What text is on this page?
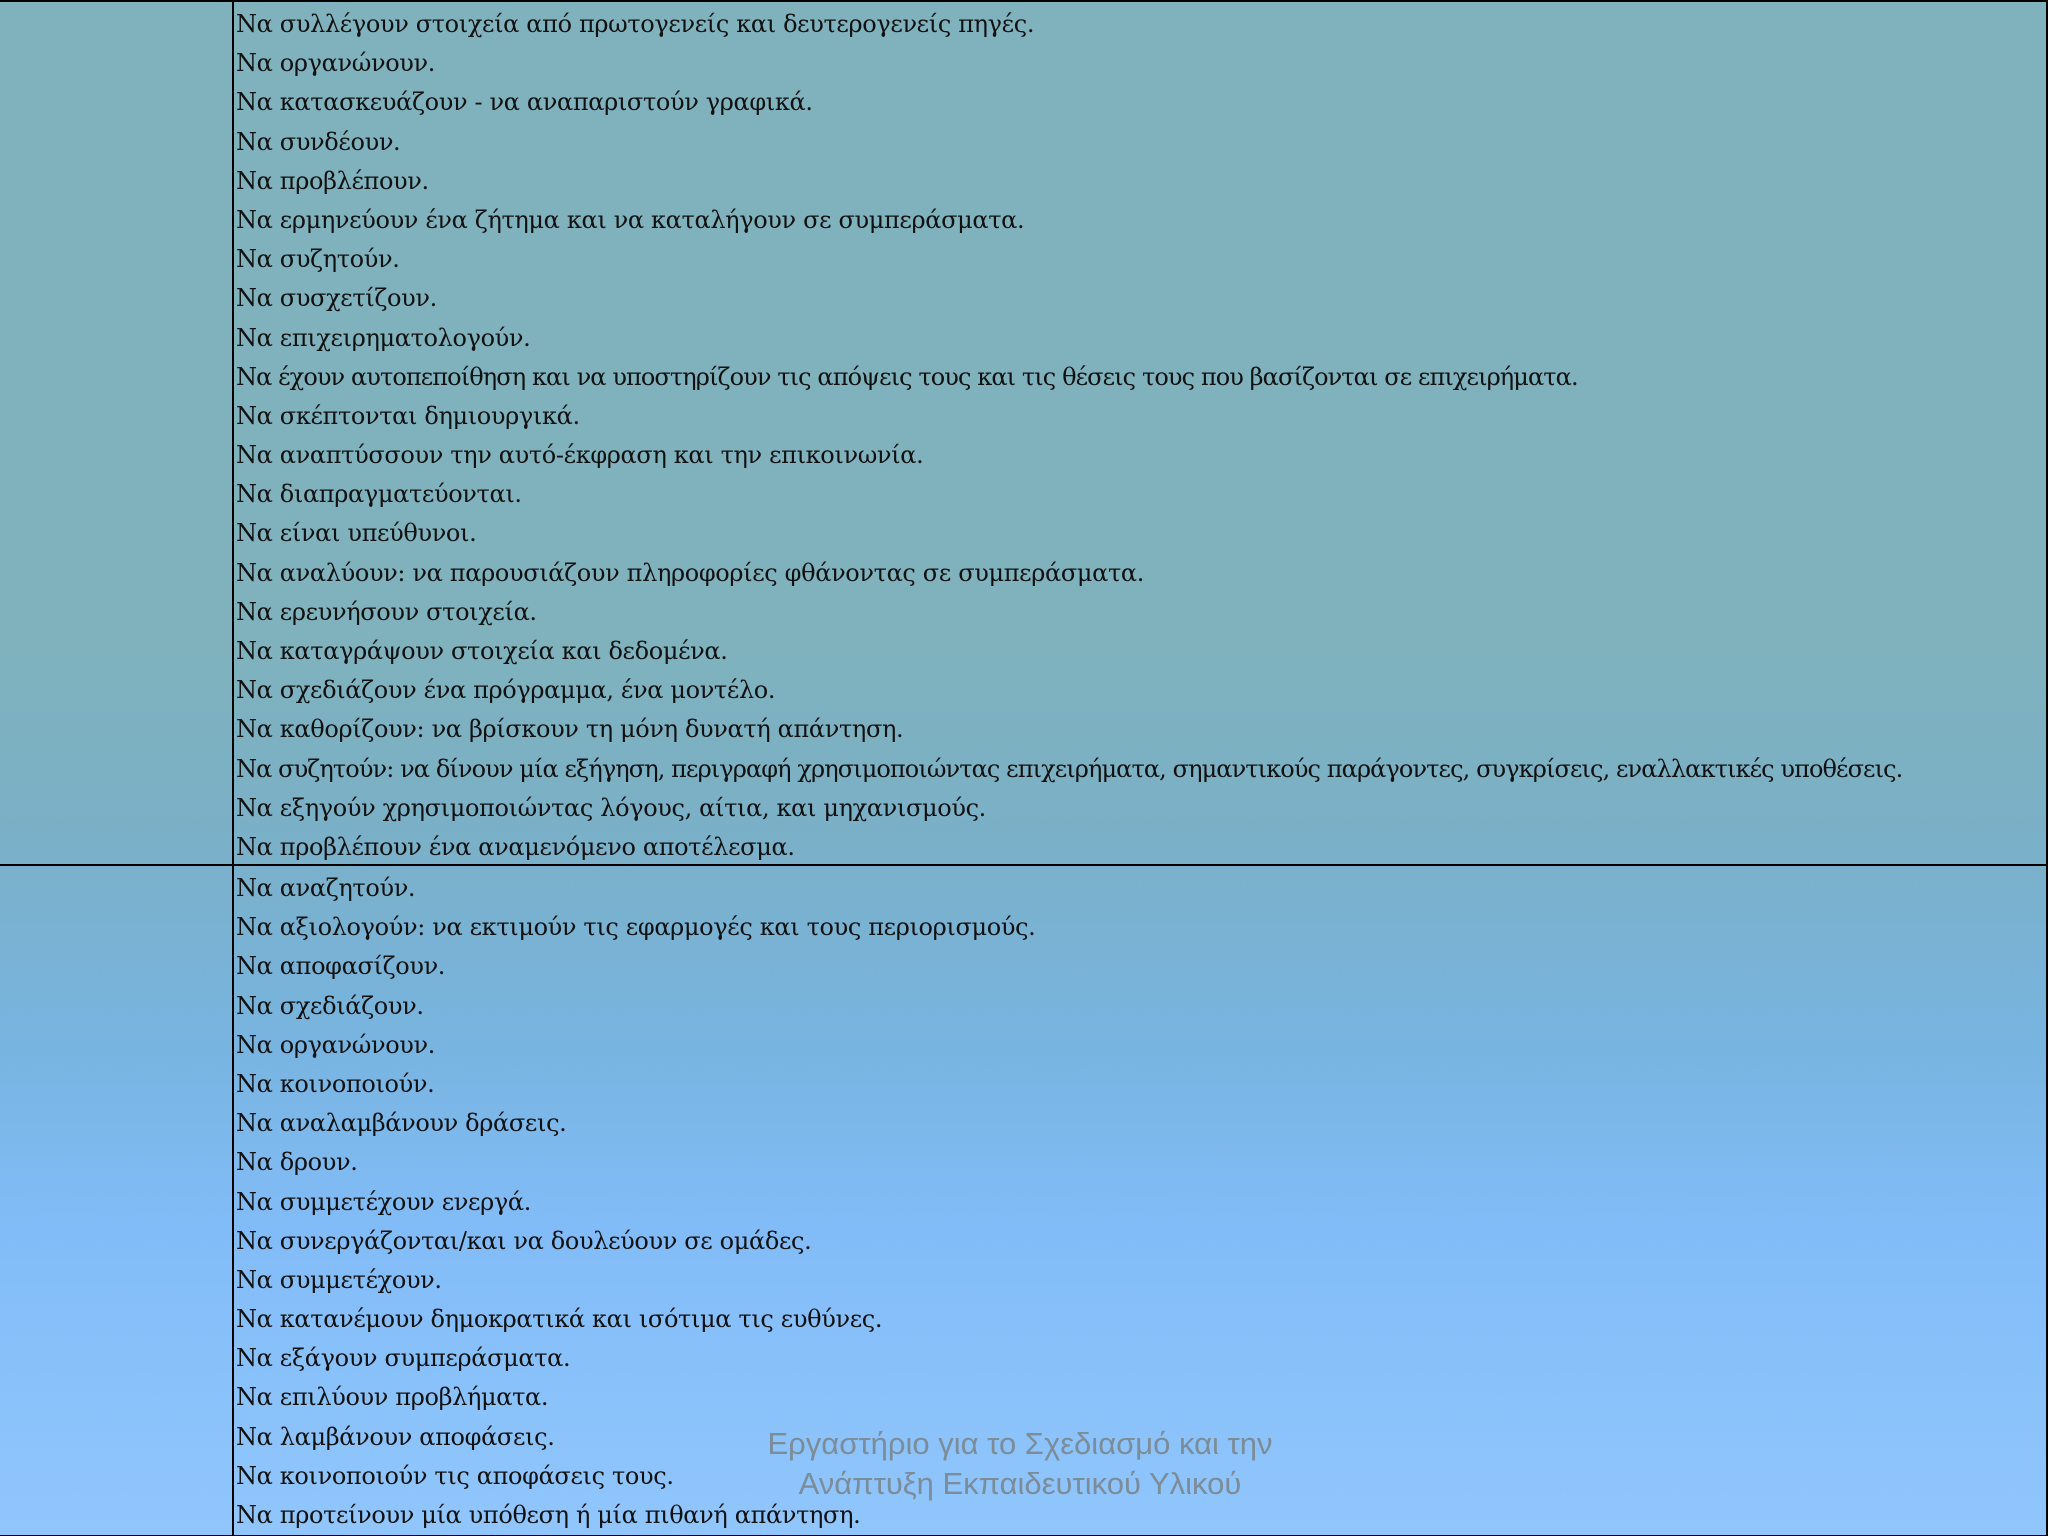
Να συλλέγουν στοιχεία από πρωτογενείς και δευτερογενείς πηγές.
Να οργανώνουν.
Να κατασκευάζουν - να αναπαριστούν γραφικά.
Να συνδέουν.
Να προβλέπουν.
Να ερμηνεύουν ένα ζήτημα και να καταλήγουν σε συμπεράσματα.
Να συζητούν.
Να συσχετίζουν.
Να επιχειρηματολογούν.
Να έχουν αυτοπεποίθηση και να υποστηρίζουν τις απόψεις τους και τις θέσεις τους που βασίζονται σε επιχειρήματα.
Να σκέπτονται δημιουργικά.
Να αναπτύσσουν την αυτό-έκφραση και την επικοινωνία.
Να διαπραγματεύονται.
Να είναι υπεύθυνοι.
Να αναλύουν: να παρουσιάζουν πληροφορίες φθάνοντας σε συμπεράσματα.
Να ερευνήσουν στοιχεία.
Να καταγράψουν στοιχεία και δεδομένα.
Να σχεδιάζουν ένα πρόγραμμα, ένα μοντέλο.
Να καθορίζουν: να βρίσκουν τη μόνη δυνατή απάντηση.
Να συζητούν: να δίνουν μία εξήγηση, περιγραφή χρησιμοποιώντας επιχειρήματα, σημαντικούς παράγοντες, συγκρίσεις, εναλλακτικές υποθέσεις.
Να εξηγούν χρησιμοποιώντας λόγους, αίτια, και μηχανισμούς.
Να προβλέπουν ένα αναμενόμενο αποτέλεσμα.
Να αναζητούν.
Να αξιολογούν: να εκτιμούν τις εφαρμογές και τους περιορισμούς.
Να αποφασίζουν.
Να σχεδιάζουν.
Να οργανώνουν.
Να κοινοποιούν.
Να αναλαμβάνουν δράσεις.
Να δρουν.
Να συμμετέχουν ενεργά.
Να συνεργάζονται/και να δουλεύουν σε ομάδες.
Να συμμετέχουν.
Να κατανέμουν δημοκρατικά και ισότιμα τις ευθύνες.
Να εξάγουν συμπεράσματα.
Να επιλύουν προβλήματα.
Να λαμβάνουν αποφάσεις.
Να κοινοποιούν τις αποφάσεις τους.
Να προτείνουν μία υπόθεση ή μία πιθανή απάντηση.
Εργαστήριο για το Σχεδιασμό και την
Ανάπτυξη Εκπαιδευτικού Υλικού
